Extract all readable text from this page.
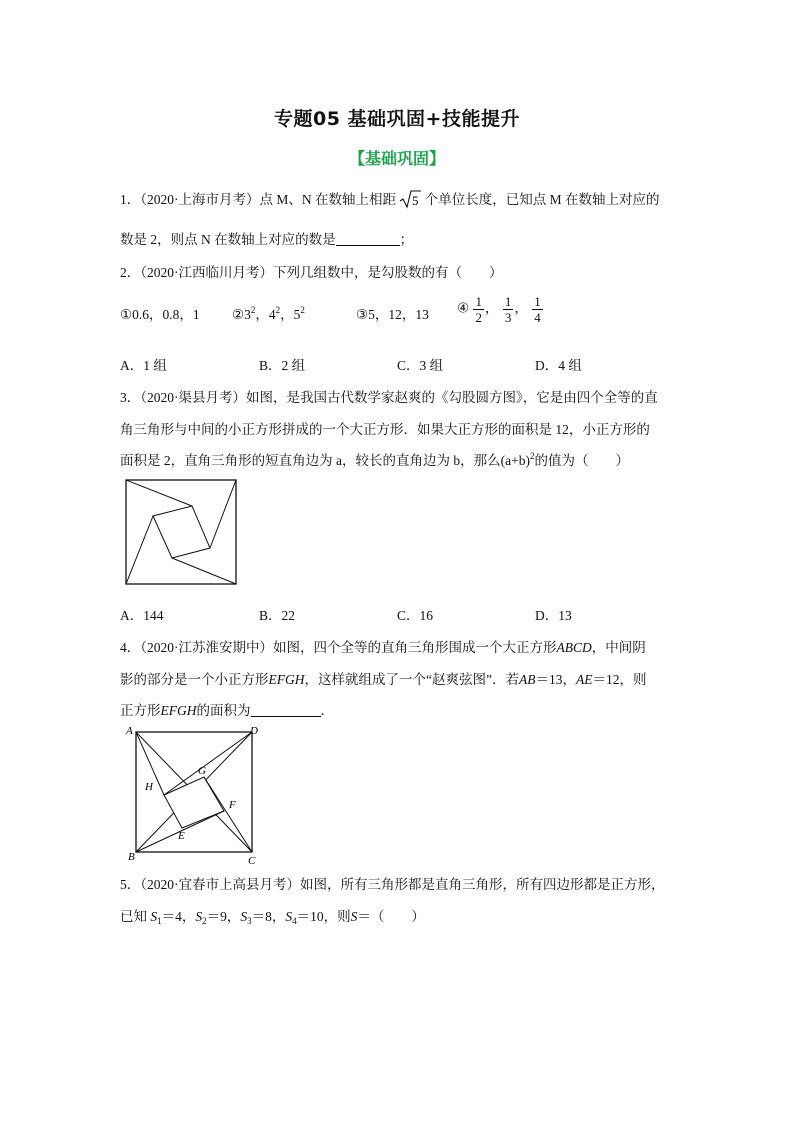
专题05 基础巩固+技能提升
【基础巩固】
1．（2020·上海市月考）点 M、N 在数轴上相距 5 个单位长度，已知点 M 在数轴上对应的
数是 2，则点 N 在数轴上对应的数是	；
2．（2020·江西临川月考）下列几组数中，是勾股数的有（　　）
①0.6，0.8，1 $②3^2$，$4^2$，$5^2$	③5，12，13 ④ $\frac{1}{2}$ ， $\frac{1}{3}$ ， $\frac{1}{4}$
A．1 组	B．2 组	C．3 组	D．4 组
3．（2020·渠县月考）如图，是我国古代数学家赵爽的《勾股圆方图》，它是由四个全等的直
角三角形与中间的小正方形拼成的一个大正方形．如果大正方形的面积是 12，小正方形的
面积是 2，直角三角形的短直角边为 a，较长的直角边为 b，那么$(a+b)^2$的值为（　　）
A．144	B．22	C．16	D．13
4．（2020·江苏淮安期中）如图，四个全等的直角三角形围成一个大正方形ABCD，中间阴
影的部分是一个小正方形EFGH，这样就组成了一个“赵爽弦图”．若AB＝13，AE＝12，则
正方形EFGH的面积为	．
A
B	C
D
E
F
G
H
5．（2020·宜春市上高县月考）如图，所有三角形都是直角三角形，所有四边形都是正方形，
已知 $S_1=4$，$S_2=9$，$S_3=8$，$S_4=10$，则S＝（　　）
